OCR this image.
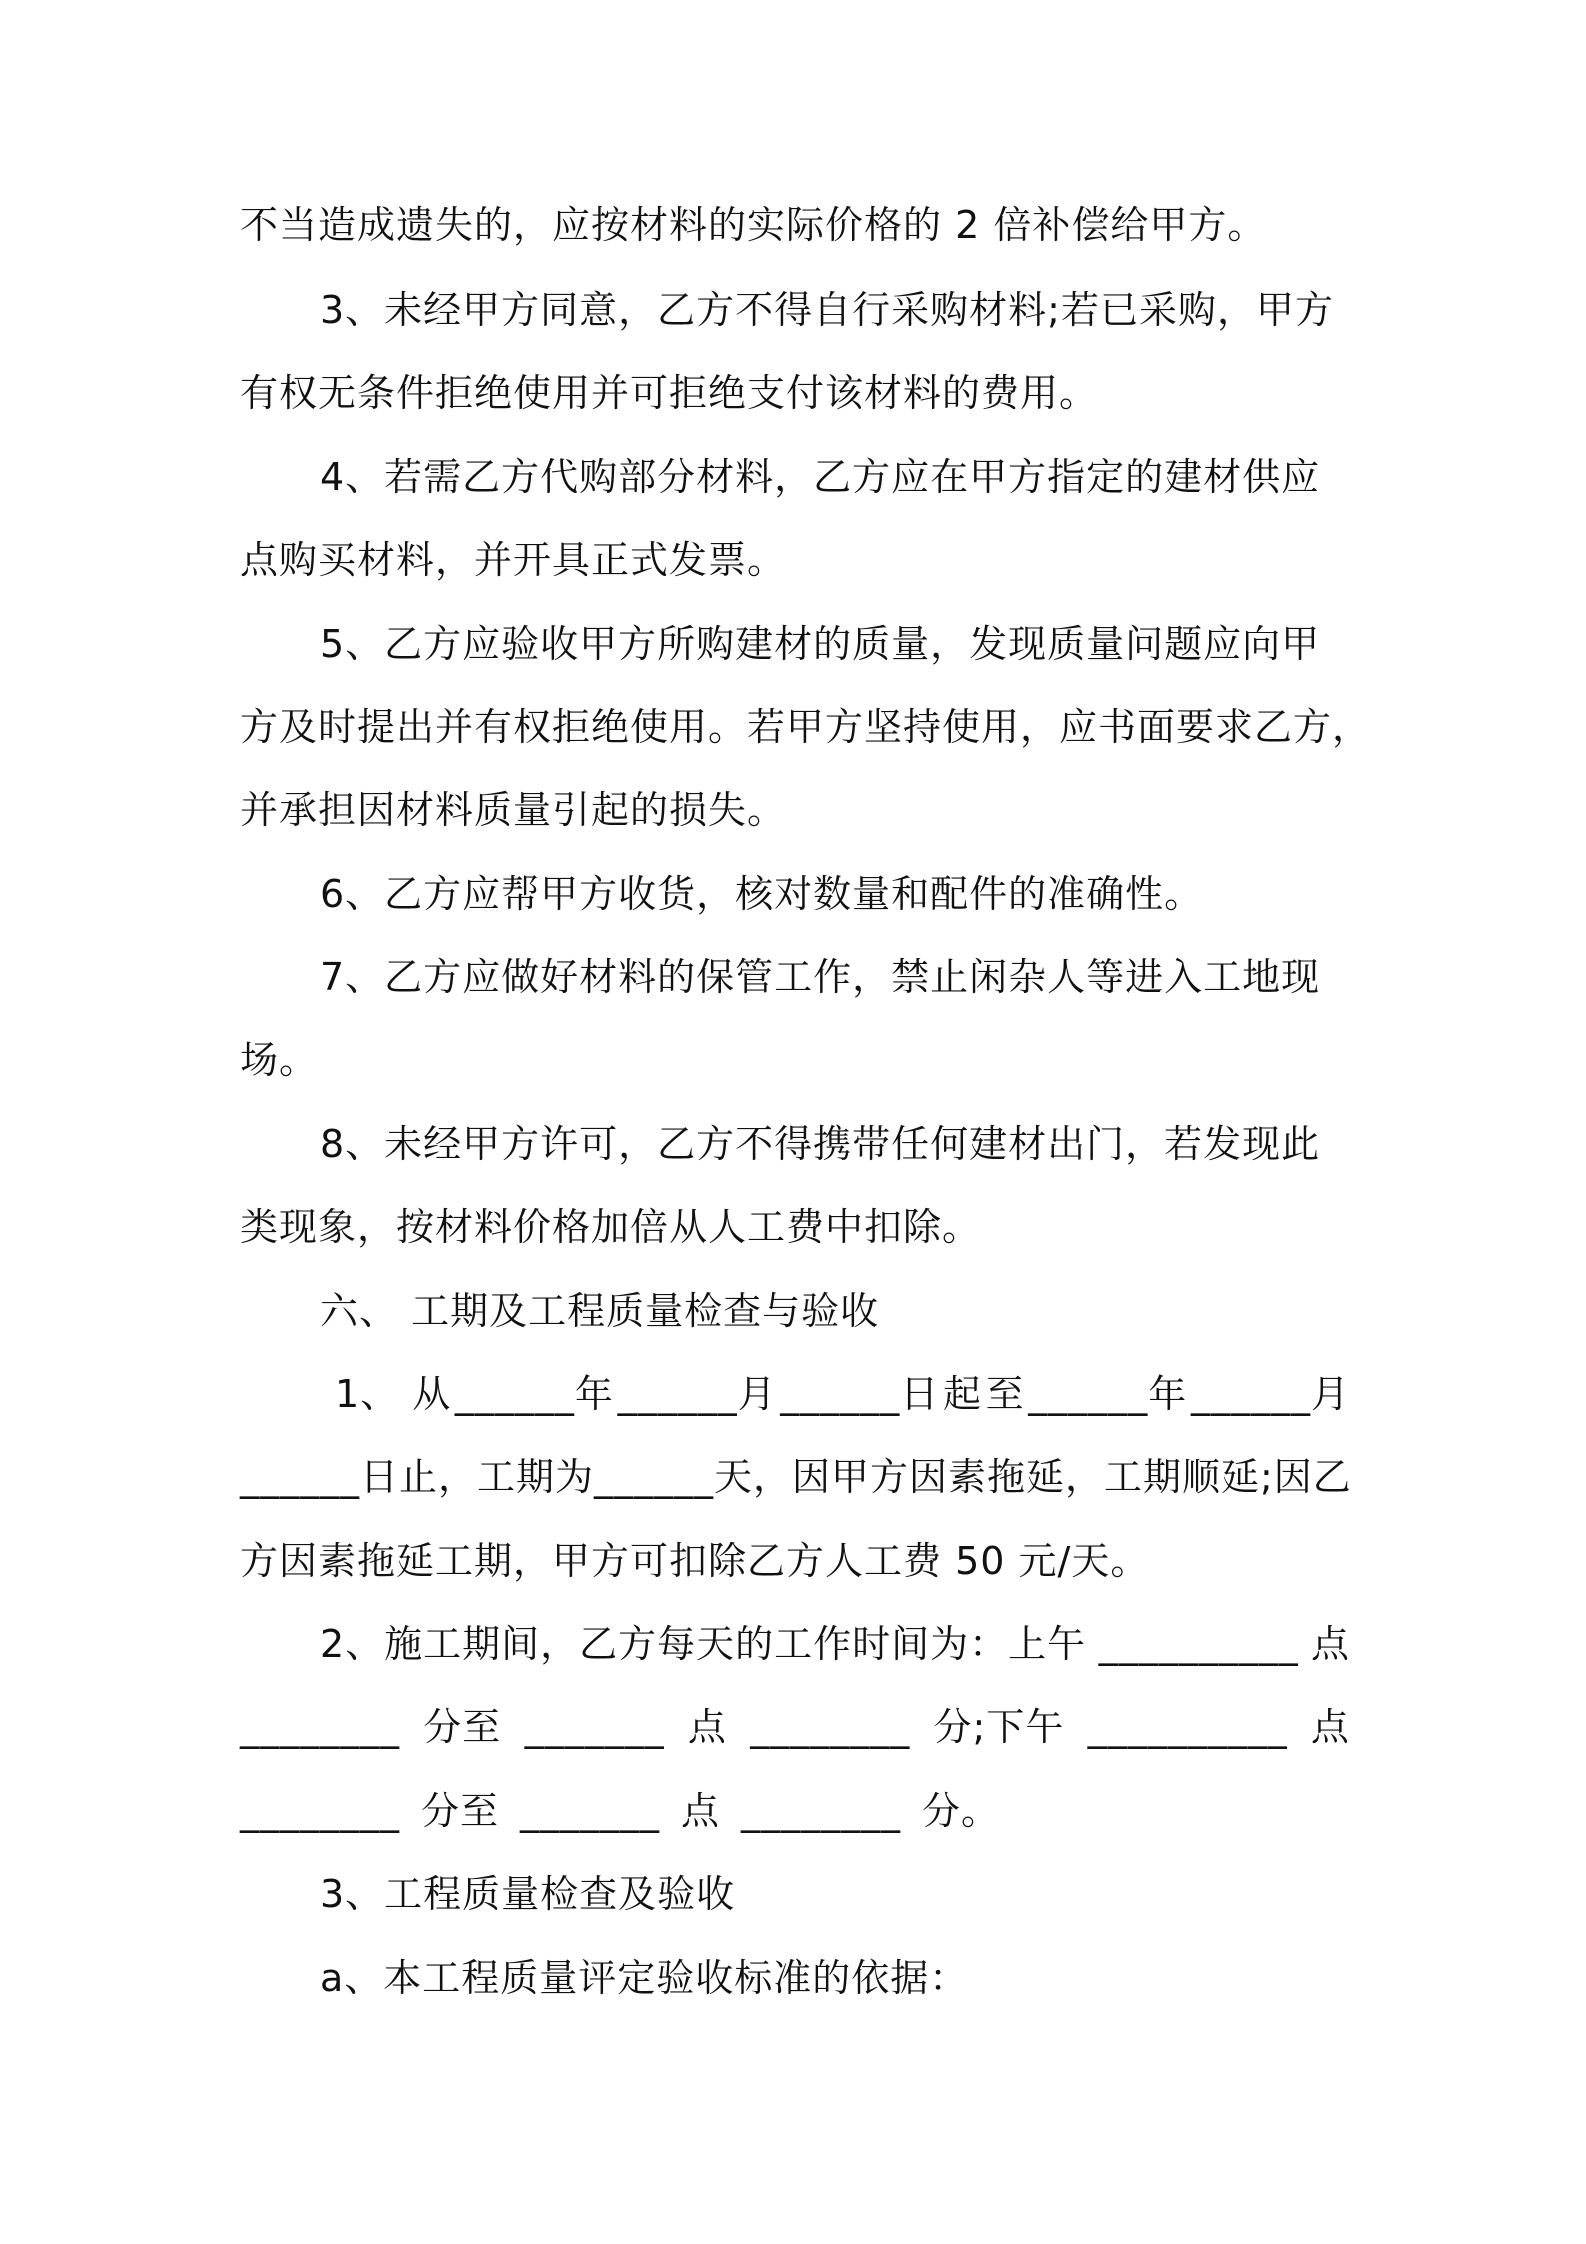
不当造成遗失的，应按材料的实际价格的 2 倍补偿给甲方。
3、未经甲方同意，乙方不得自行采购材料;若已采购，甲方
有权无条件拒绝使用并可拒绝支付该材料的费用。
4、若需乙方代购部分材料，乙方应在甲方指定的建材供应
点购买材料，并开具正式发票。
5、乙方应验收甲方所购建材的质量，发现质量问题应向甲
方及时提出并有权拒绝使用。若甲方坚持使用，应书面要求乙方，
并承担因材料质量引起的损失。
6、乙方应帮甲方收货，核对数量和配件的准确性。
7、乙方应做好材料的保管工作，禁止闲杂人等进入工地现
场。
8、未经甲方许可，乙方不得携带任何建材出门，若发现此
类现象，按材料价格加倍从人工费中扣除。
六、 工期及工程质量检查与验收
1、 从 ______年 ______月 ______日 起 至 ______年 ______月
______日止，工期为______天，因甲方因素拖延，工期顺延;因乙
方因素拖延工期，甲方可扣除乙方人工费 50 元/天。
2、施工期间，乙方每天的工作时间为：上午 __________ 点
________ 分至 _______ 点 ________ 分;下午 __________ 点
________ 分至 _______ 点 ________ 分。
3、工程质量检查及验收
a、本工程质量评定验收标准的依据：
